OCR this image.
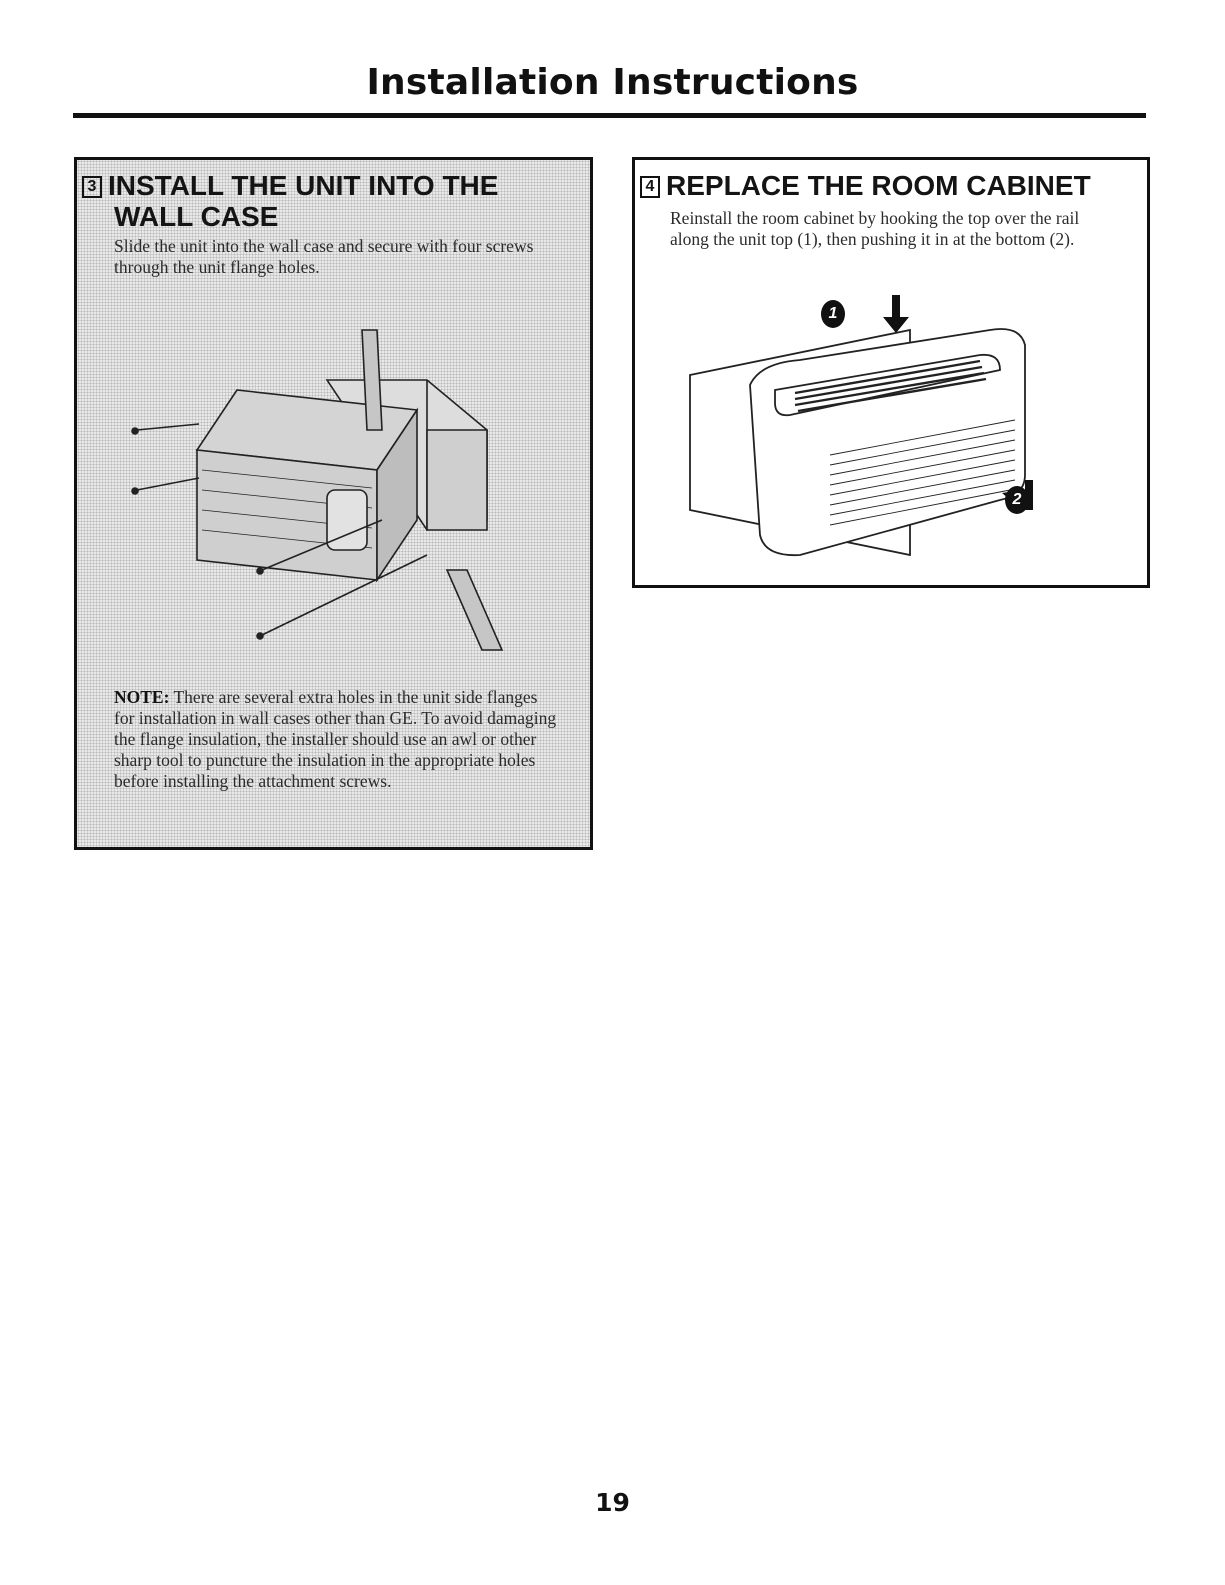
Installation Instructions
3 INSTALL THE UNIT INTO THE
WALL CASE

Slide the unit into the wall case and secure with four screws through the unit flange holes.

NOTE: There are several extra holes in the unit side flanges for installation in wall cases other than GE. To avoid damaging the flange insulation, the installer should use an awl or other sharp tool to puncture the insulation in the appropriate holes before installing the attachment screws.

4 REPLACE THE ROOM CABINET

Reinstall the room cabinet by hooking the top over the rail along the unit top (1), then pushing it in at the bottom (2).

1
2
19
